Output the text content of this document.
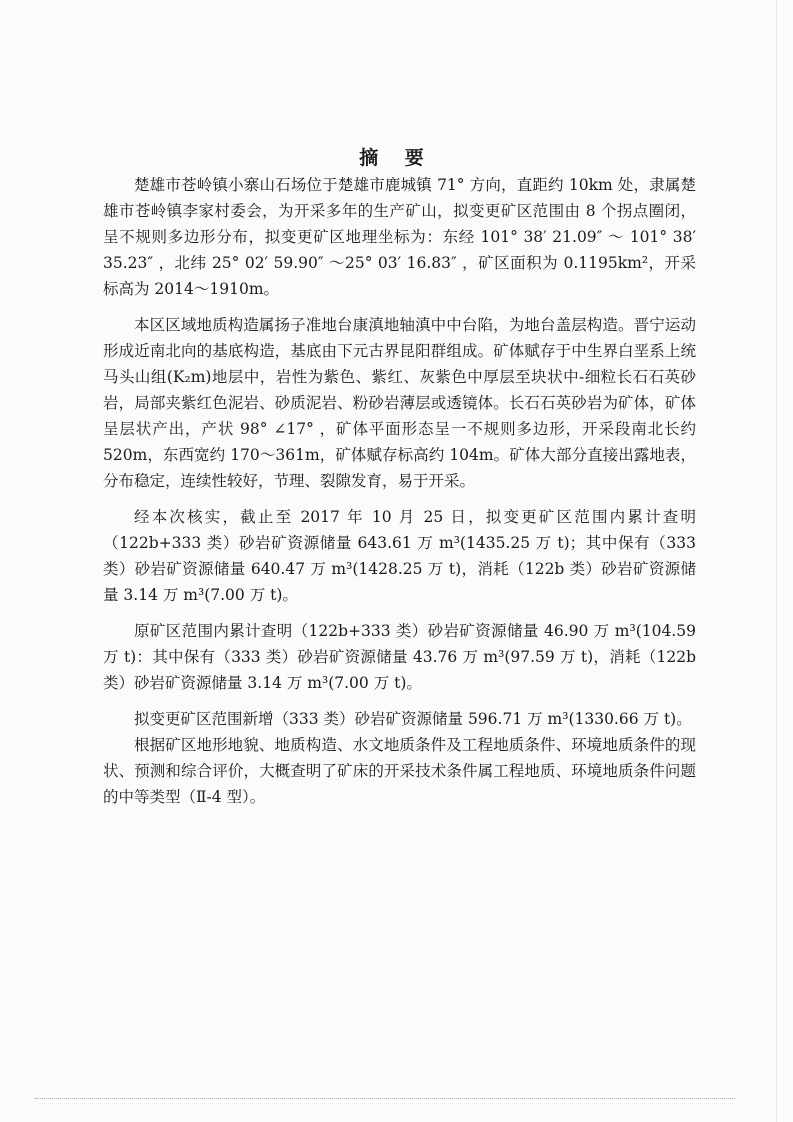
摘 要

楚雄市苍岭镇小寨山石场位于楚雄市鹿城镇 71° 方向，直距约 10km 处，隶属楚雄市苍岭镇李家村委会，为开采多年的生产矿山，拟变更矿区范围由 8 个拐点圈闭，呈不规则多边形分布，拟变更矿区地理坐标为：东经 101° 38′ 21.09″ ～ 101° 38′ 35.23″ ，北纬 25° 02′ 59.90″ ～25° 03′ 16.83″ ，矿区面积为 0.1195km²，开采标高为 2014～1910m。

本区区域地质构造属扬子准地台康滇地轴滇中中台陷，为地台盖层构造。晋宁运动形成近南北向的基底构造，基底由下元古界昆阳群组成。矿体赋存于中生界白垩系上统马头山组(K₂m)地层中，岩性为紫色、紫红、灰紫色中厚层至块状中-细粒长石石英砂岩，局部夹紫红色泥岩、砂质泥岩、粉砂岩薄层或透镜体。长石石英砂岩为矿体，矿体呈层状产出，产状 98° ∠17° ，矿体平面形态呈一不规则多边形，开采段南北长约 520m，东西宽约 170～361m，矿体赋存标高约 104m。矿体大部分直接出露地表，分布稳定，连续性较好，节理、裂隙发育，易于开采。

经本次核实，截止至 2017 年 10 月 25 日，拟变更矿区范围内累计查明（122b+333 类）砂岩矿资源储量 643.61 万 m³(1435.25 万 t)；其中保有（333 类）砂岩矿资源储量 640.47 万 m³(1428.25 万 t)，消耗（122b 类）砂岩矿资源储量 3.14 万 m³(7.00 万 t)。

原矿区范围内累计查明（122b+333 类）砂岩矿资源储量 46.90 万 m³(104.59 万 t)：其中保有（333 类）砂岩矿资源储量 43.76 万 m³(97.59 万 t)，消耗（122b 类）砂岩矿资源储量 3.14 万 m³(7.00 万 t)。

拟变更矿区范围新增（333 类）砂岩矿资源储量 596.71 万 m³(1330.66 万 t)。

根据矿区地形地貌、地质构造、水文地质条件及工程地质条件、环境地质条件的现状、预测和综合评价，大概查明了矿床的开采技术条件属工程地质、环境地质条件问题的中等类型（Ⅱ-4 型）。
